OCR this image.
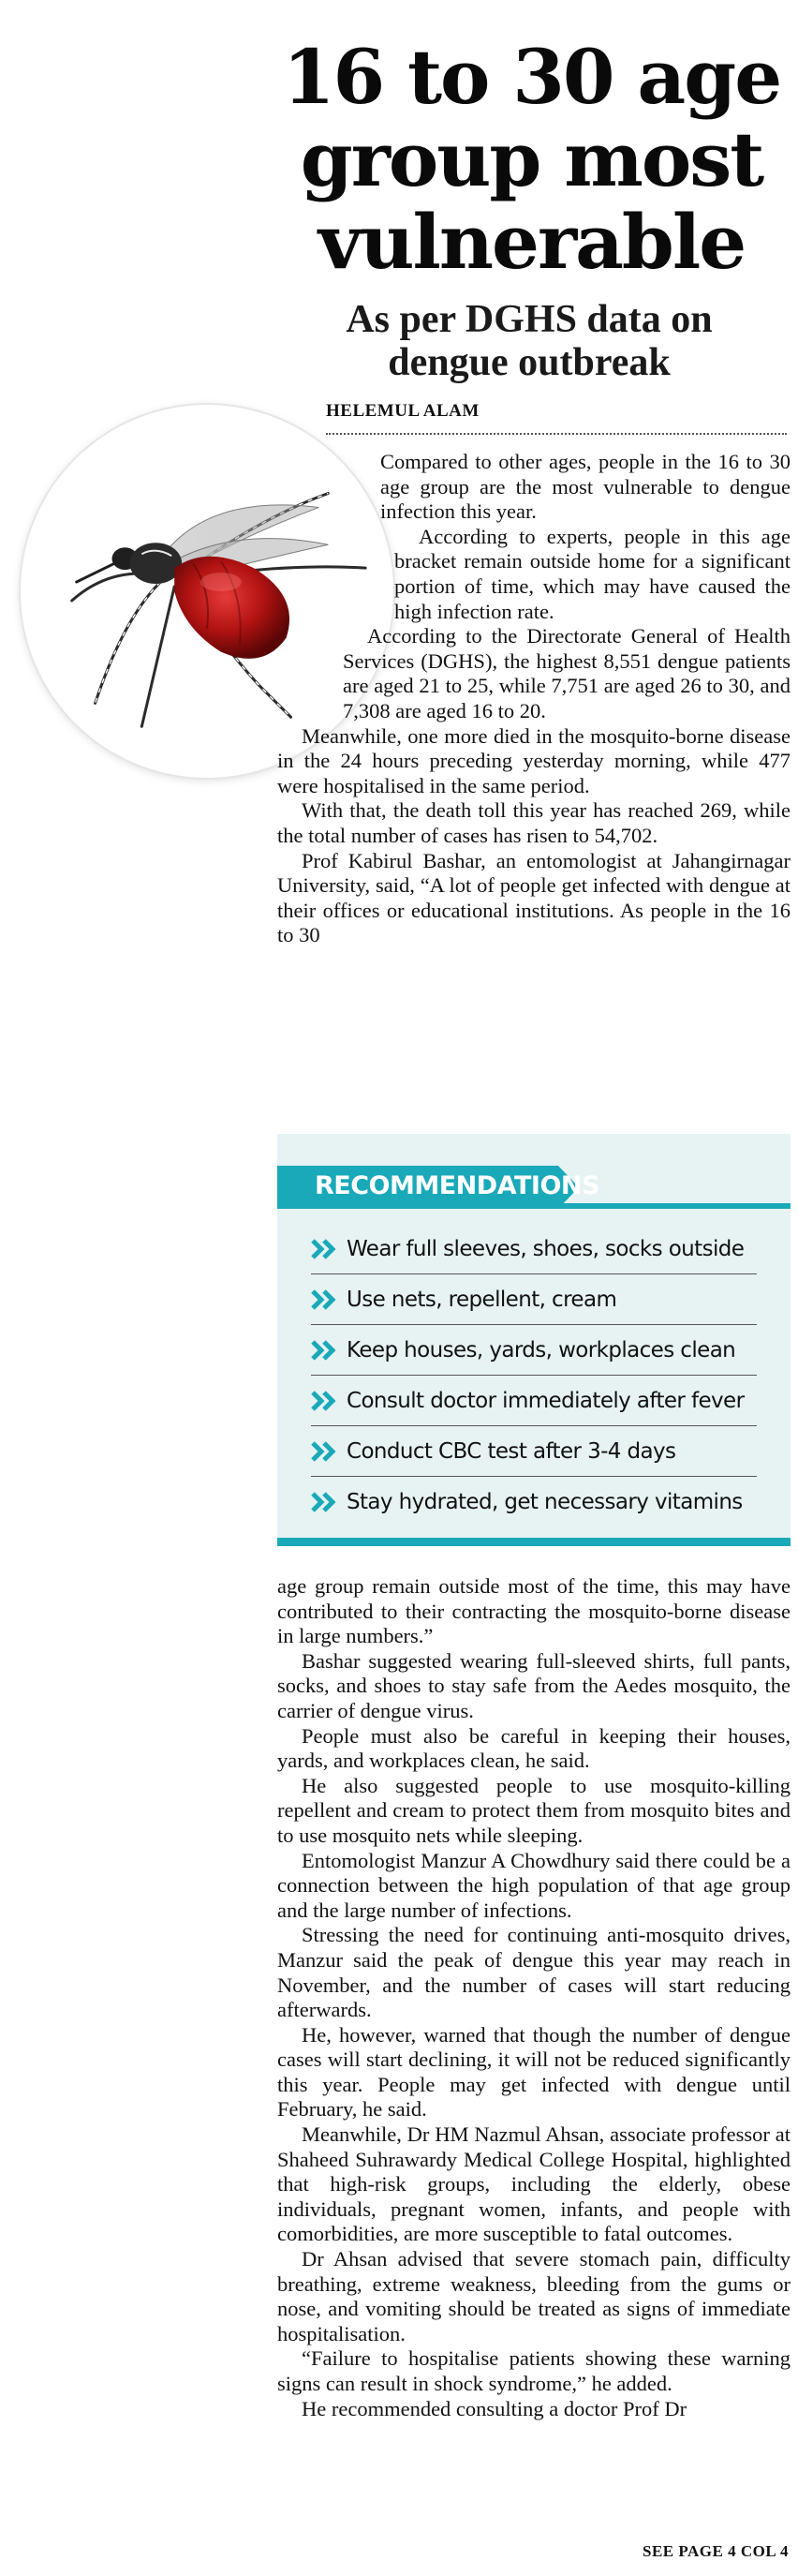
16 to 30 age group most vulnerable
As per DGHS data on dengue outbreak
HELEMUL ALAM

Compared to other ages, people in the 16 to 30 age group are the most vulnerable to dengue infection this year.

According to experts, people in this age bracket remain outside home for a significant portion of time, which may have caused the high infection rate.

According to the Directorate General of Health Services (DGHS), the highest 8,551 dengue patients are aged 21 to 25, while 7,751 are aged 26 to 30, and 7,308 are aged 16 to 20.

Meanwhile, one more died in the mosquito-borne disease in the 24 hours preceding yesterday morning, while 477 were hospitalised in the same period.

With that, the death toll this year has reached 269, while the total number of cases has risen to 54,702.

Prof Kabirul Bashar, an entomologist at Jahangirnagar University, said, “A lot of people get infected with dengue at their offices or educational institutions. As people in the 16 to 30

RECOMMENDATIONS
Wear full sleeves, shoes, socks outside
Use nets, repellent, cream
Keep houses, yards, workplaces clean
Consult doctor immediately after fever
Conduct CBC test after 3-4 days
Stay hydrated, get necessary vitamins

age group remain outside most of the time, this may have contributed to their contracting the mosquito-borne disease in large numbers.”

Bashar suggested wearing full-sleeved shirts, full pants, socks, and shoes to stay safe from the Aedes mosquito, the carrier of dengue virus.

People must also be careful in keeping their houses, yards, and workplaces clean, he said.

He also suggested people to use mosquito-killing repellent and cream to protect them from mosquito bites and to use mosquito nets while sleeping.

Entomologist Manzur A Chowdhury said there could be a connection between the high population of that age group and the large number of infections.

Stressing the need for continuing anti-mosquito drives, Manzur said the peak of dengue this year may reach in November, and the number of cases will start reducing afterwards.

He, however, warned that though the number of dengue cases will start declining, it will not be reduced significantly this year. People may get infected with dengue until February, he said.

Meanwhile, Dr HM Nazmul Ahsan, associate professor at Shaheed Suhrawardy Medical College Hospital, highlighted that high-risk groups, including the elderly, obese individuals, pregnant women, infants, and people with comorbidities, are more susceptible to fatal outcomes.

Dr Ahsan advised that severe stomach pain, difficulty breathing, extreme weakness, bleeding from the gums or nose, and vomiting should be treated as signs of immediate hospitalisation.

“Failure to hospitalise patients showing these warning signs can result in shock syndrome,” he added.

He recommended consulting a doctor Prof Dr

SEE PAGE 4 COL 4
